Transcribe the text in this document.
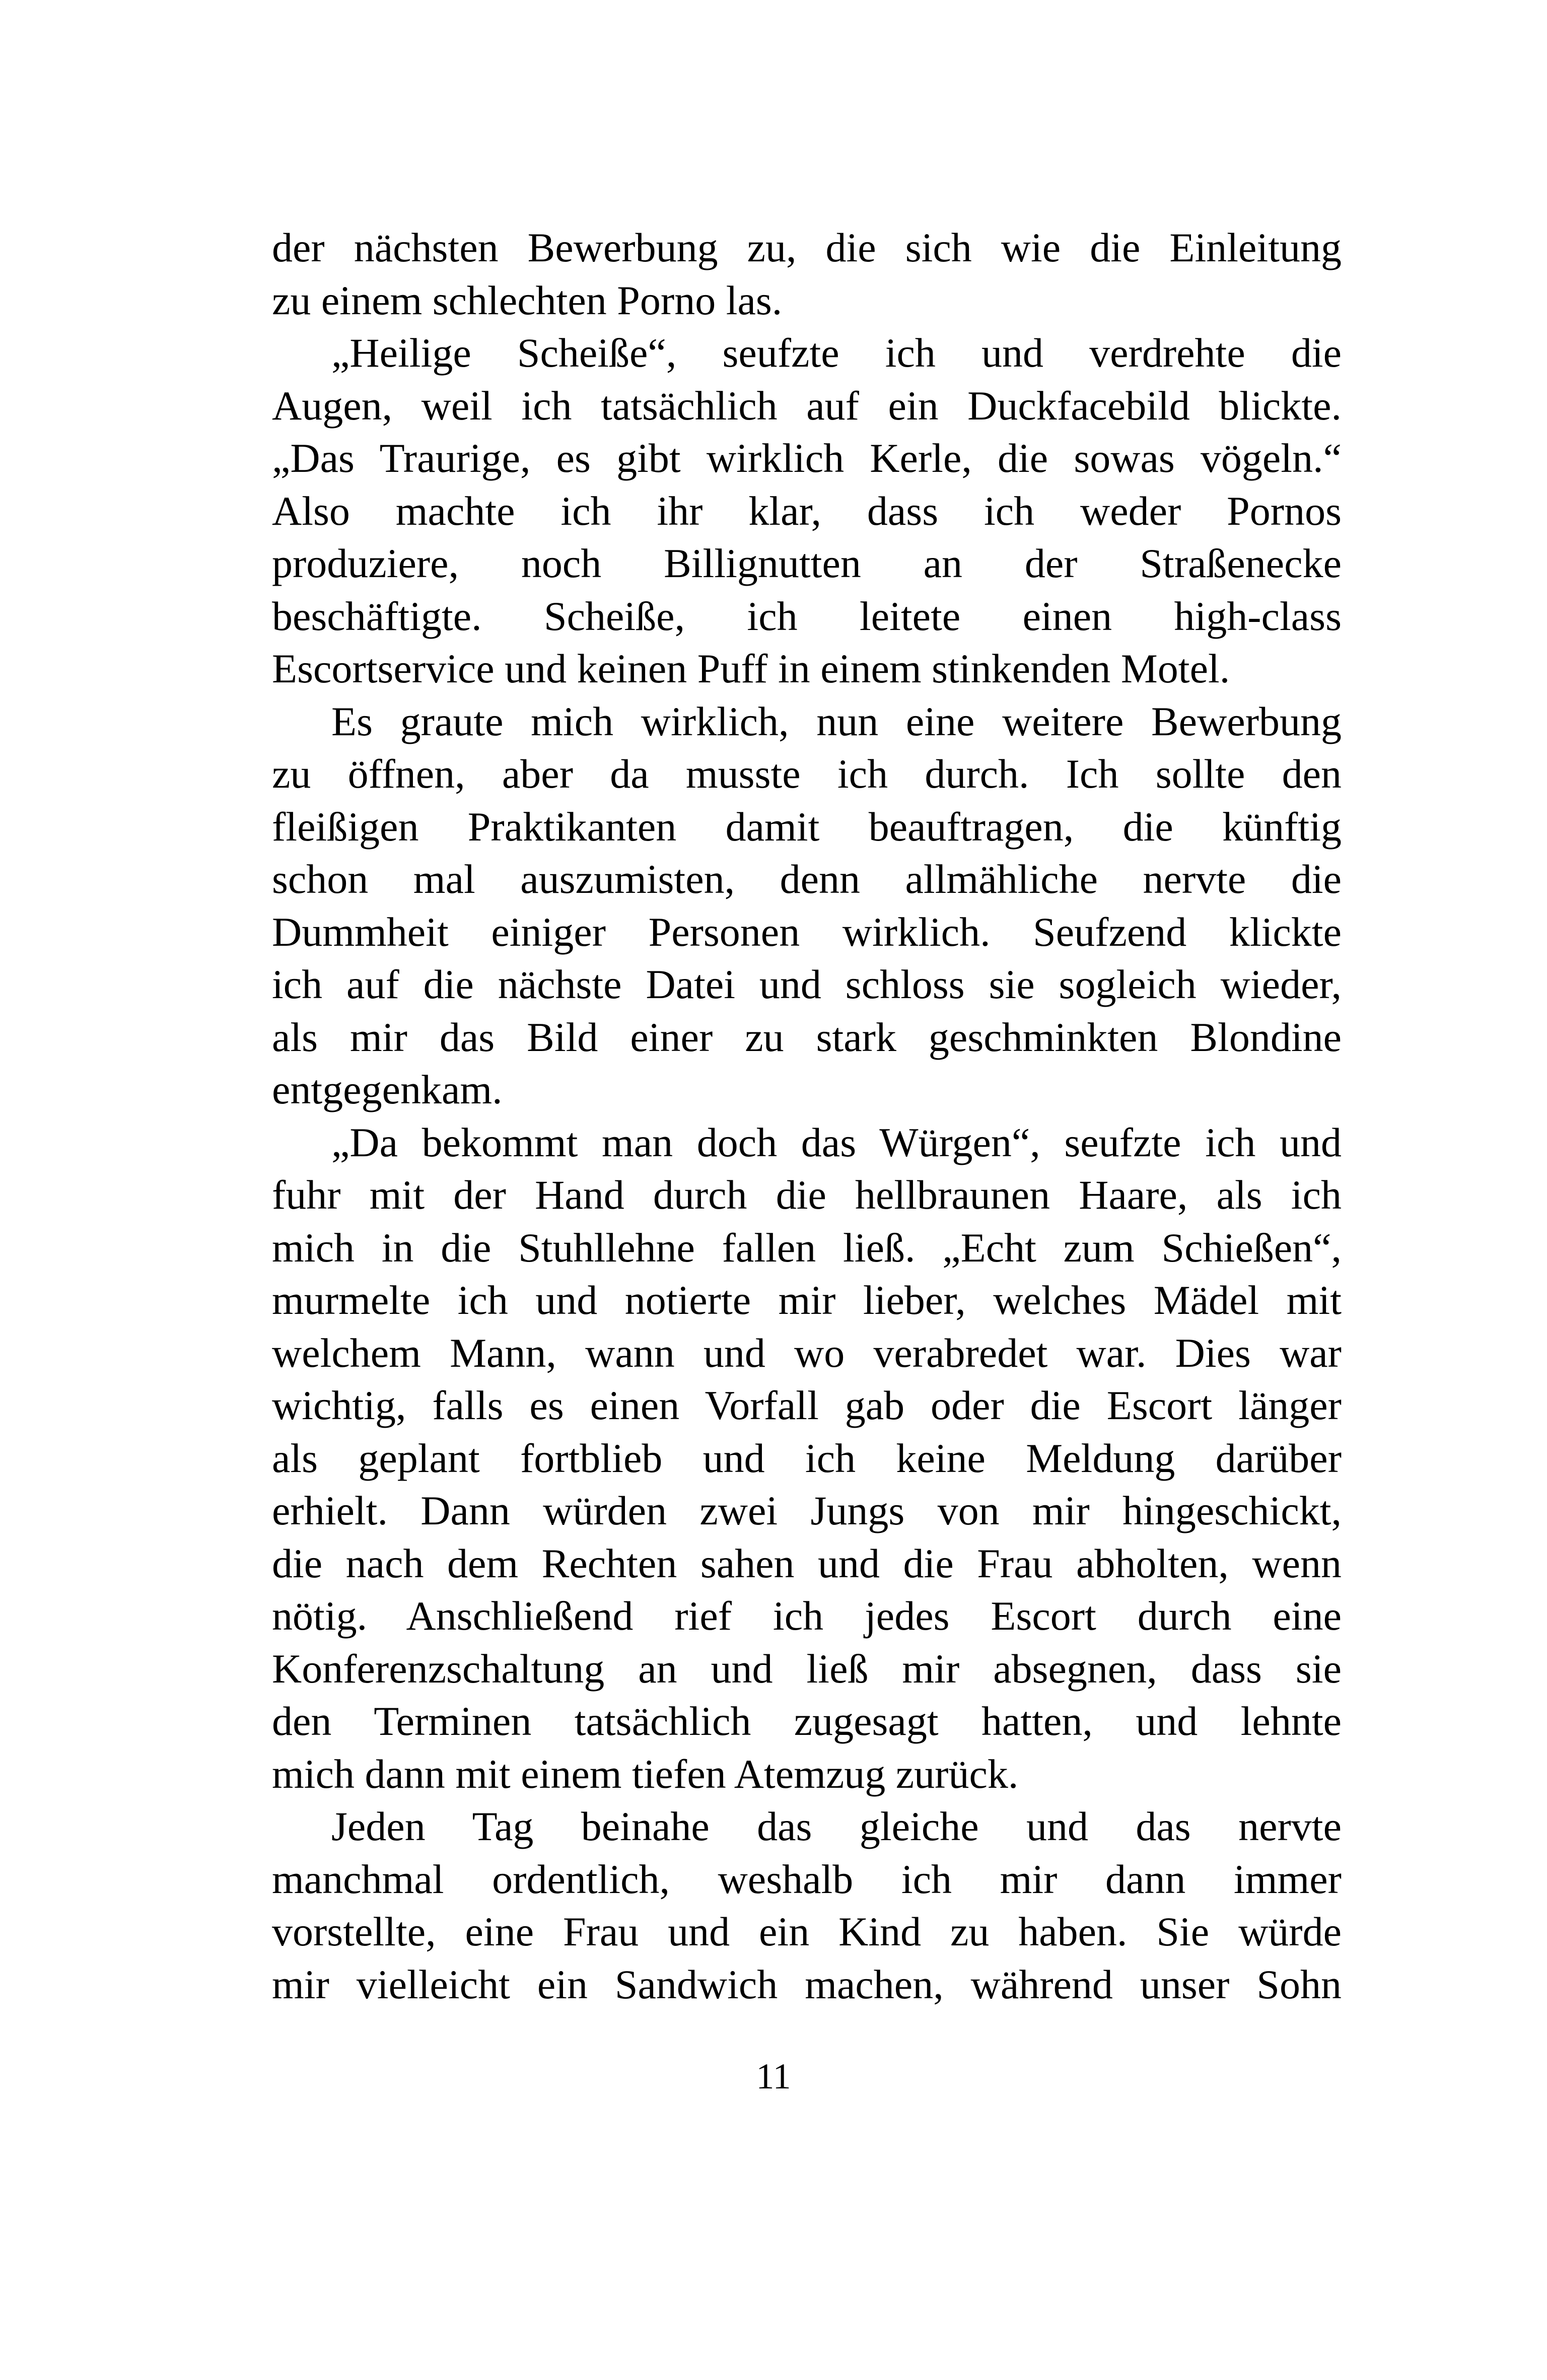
der nächsten Bewerbung zu, die sich wie die Einleitung
zu einem schlechten Porno las.
„Heilige Scheiße“, seufzte ich und verdrehte die
Augen, weil ich tatsächlich auf ein Duckfacebild blickte.
„Das Traurige, es gibt wirklich Kerle, die sowas vögeln.“
Also machte ich ihr klar, dass ich weder Pornos
produziere, noch Billignutten an der Straßenecke
beschäftigte. Scheiße, ich leitete einen high-class
Escortservice und keinen Puff in einem stinkenden Motel.
Es graute mich wirklich, nun eine weitere Bewerbung
zu öffnen, aber da musste ich durch. Ich sollte den
fleißigen Praktikanten damit beauftragen, die künftig
schon mal auszumisten, denn allmähliche nervte die
Dummheit einiger Personen wirklich. Seufzend klickte
ich auf die nächste Datei und schloss sie sogleich wieder,
als mir das Bild einer zu stark geschminkten Blondine
entgegenkam.
„Da bekommt man doch das Würgen“, seufzte ich und
fuhr mit der Hand durch die hellbraunen Haare, als ich
mich in die Stuhllehne fallen ließ. „Echt zum Schießen“,
murmelte ich und notierte mir lieber, welches Mädel mit
welchem Mann, wann und wo verabredet war. Dies war
wichtig, falls es einen Vorfall gab oder die Escort länger
als geplant fortblieb und ich keine Meldung darüber
erhielt. Dann würden zwei Jungs von mir hingeschickt,
die nach dem Rechten sahen und die Frau abholten, wenn
nötig. Anschließend rief ich jedes Escort durch eine
Konferenzschaltung an und ließ mir absegnen, dass sie
den Terminen tatsächlich zugesagt hatten, und lehnte
mich dann mit einem tiefen Atemzug zurück.
Jeden Tag beinahe das gleiche und das nervte
manchmal ordentlich, weshalb ich mir dann immer
vorstellte, eine Frau und ein Kind zu haben. Sie würde
mir vielleicht ein Sandwich machen, während unser Sohn
11
